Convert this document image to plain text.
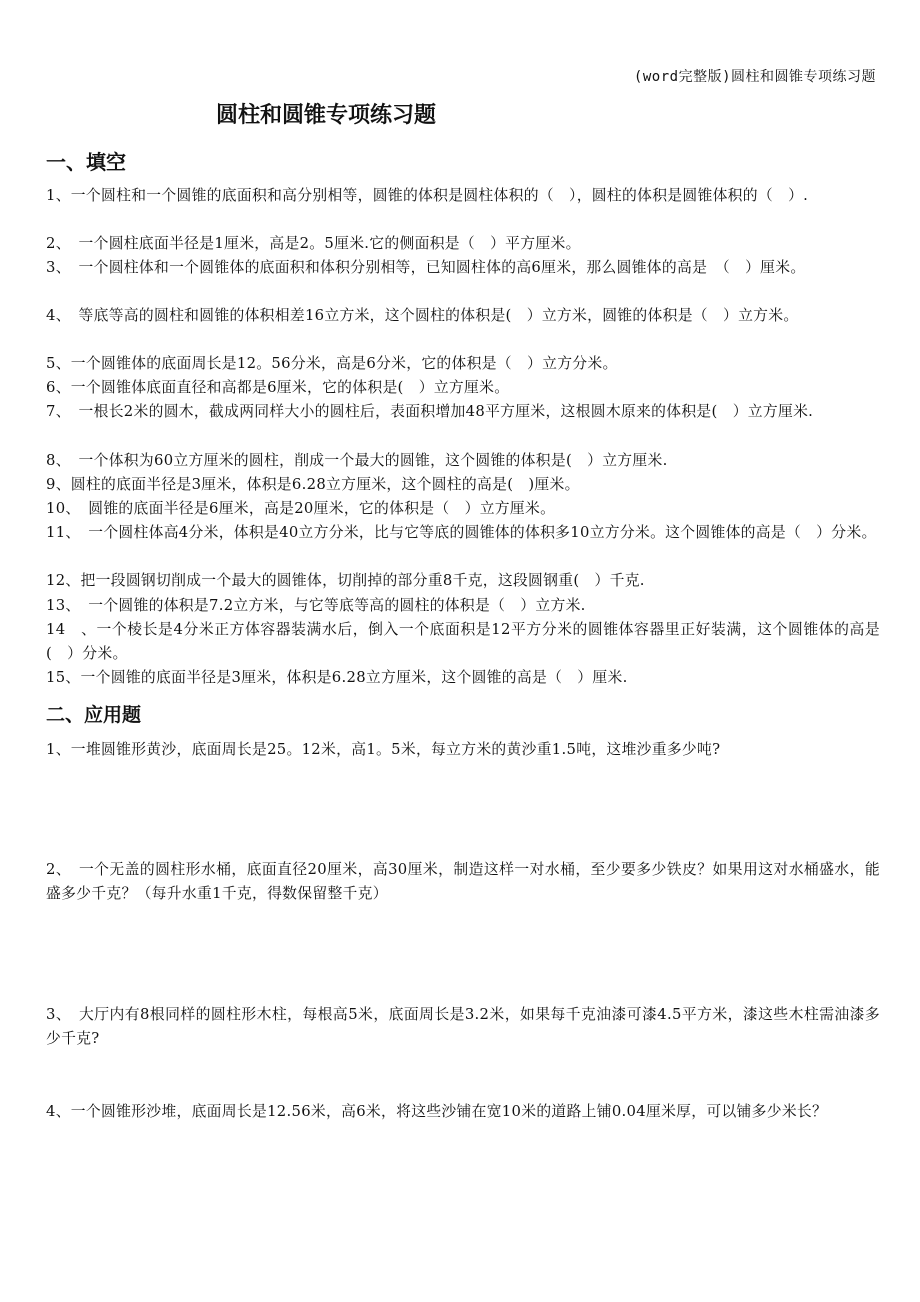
(word完整版)圆柱和圆锥专项练习题
圆柱和圆锥专项练习题
一、填空

1、一个圆柱和一个圆锥的底面积和高分别相等，圆锥的体积是圆柱体积的（　），圆柱的体积是圆锥体积的（　）.

2、　一个圆柱底面半径是1厘米，高是2。5厘米.它的侧面积是（　）平方厘米。

3、　一个圆柱体和一个圆锥体的底面积和体积分别相等，已知圆柱体的高6厘米，那么圆锥体的高是　（　）厘米。

4、　等底等高的圆柱和圆锥的体积相差16立方米，这个圆柱的体积是(　）立方米，圆锥的体积是（　）立方米。

5、一个圆锥体的底面周长是12。56分米，高是6分米，它的体积是（　）立方分米。

6、一个圆锥体底面直径和高都是6厘米，它的体积是(　）立方厘米。

7、　一根长2米的圆木，截成两同样大小的圆柱后，表面积增加48平方厘米，这根圆木原来的体积是(　）立方厘米.

8、　一个体积为60立方厘米的圆柱，削成一个最大的圆锥，这个圆锥的体积是(　）立方厘米.

9、圆柱的底面半径是3厘米，体积是6.28立方厘米，这个圆柱的高是(　)厘米。

10、　圆锥的底面半径是6厘米，高是20厘米，它的体积是（　）立方厘米。

11、　一个圆柱体高4分米，体积是40立方分米，比与它等底的圆锥体的体积多10立方分米。这个圆锥体的高是（　）分米。

12、把一段圆钢切削成一个最大的圆锥体，切削掉的部分重8千克，这段圆钢重(　）千克.

13、　一个圆锥的体积是7.2立方米，与它等底等高的圆柱的体积是（　）立方米.

14　、一个棱长是4分米正方体容器装满水后，倒入一个底面积是12平方分米的圆锥体容器里正好装满，这个圆锥体的高是(　）分米。

15、一个圆锥的底面半径是3厘米，体积是6.28立方厘米，这个圆锥的高是（　）厘米.

二、应用题

1、一堆圆锥形黄沙，底面周长是25。12米，高1。5米，每立方米的黄沙重1.5吨，这堆沙重多少吨?

2、　一个无盖的圆柱形水桶，底面直径20厘米，高30厘米，制造这样一对水桶，至少要多少铁皮？如果用这对水桶盛水，能盛多少千克？（每升水重1千克，得数保留整千克）

3、　大厅内有8根同样的圆柱形木柱，每根高5米，底面周长是3.2米，如果每千克油漆可漆4.5平方米，漆这些木柱需油漆多少千克?

4、一个圆锥形沙堆，底面周长是12.56米，高6米，将这些沙铺在宽10米的道路上铺0.04厘米厚，可以铺多少米长？
